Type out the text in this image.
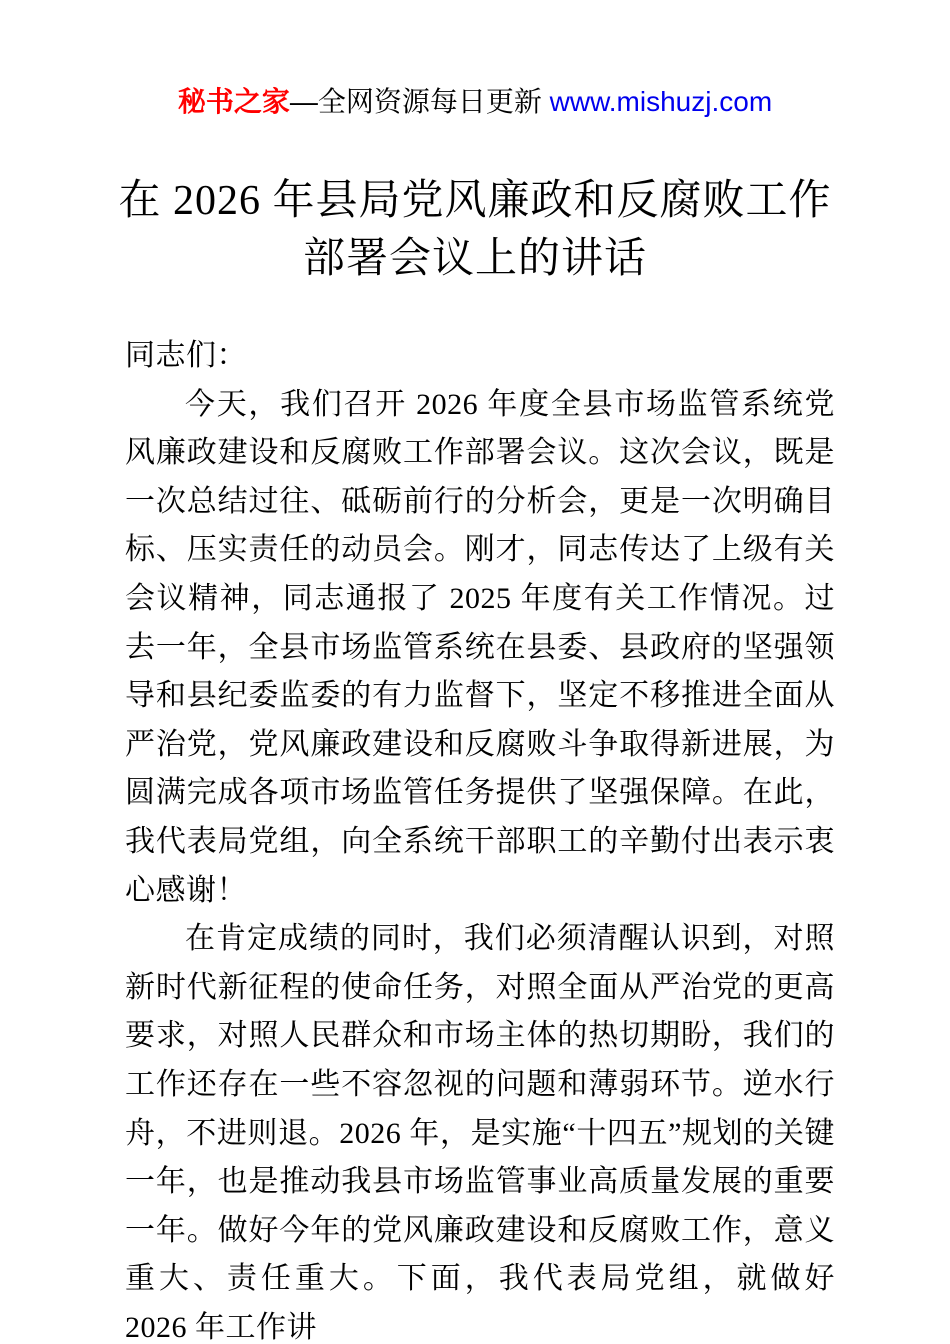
秘书之家—全网资源每日更新 www.mishuzj.com
在 2026 年县局党风廉政和反腐败工作
部署会议上的讲话

同志们：

今天，我们召开 2026 年度全县市场监管系统党风廉政建设和反腐败工作部署会议。这次会议，既是一次总结过往、砥砺前行的分析会，更是一次明确目标、压实责任的动员会。刚才，同志传达了上级有关会议精神，同志通报了 2025 年度有关工作情况。过去一年，全县市场监管系统在县委、县政府的坚强领导和县纪委监委的有力监督下，坚定不移推进全面从严治党，党风廉政建设和反腐败斗争取得新进展，为圆满完成各项市场监管任务提供了坚强保障。在此，我代表局党组，向全系统干部职工的辛勤付出表示衷心感谢！

在肯定成绩的同时，我们必须清醒认识到，对照新时代新征程的使命任务，对照全面从严治党的更高要求，对照人民群众和市场主体的热切期盼，我们的工作还存在一些不容忽视的问题和薄弱环节。逆水行舟，不进则退。2026 年，是实施“十四五”规划的关键一年，也是推动我县市场监管事业高质量发展的重要一年。做好今年的党风廉政建设和反腐败工作，意义重大、责任重大。下面，我代表局党组，就做好 2026 年工作讲
